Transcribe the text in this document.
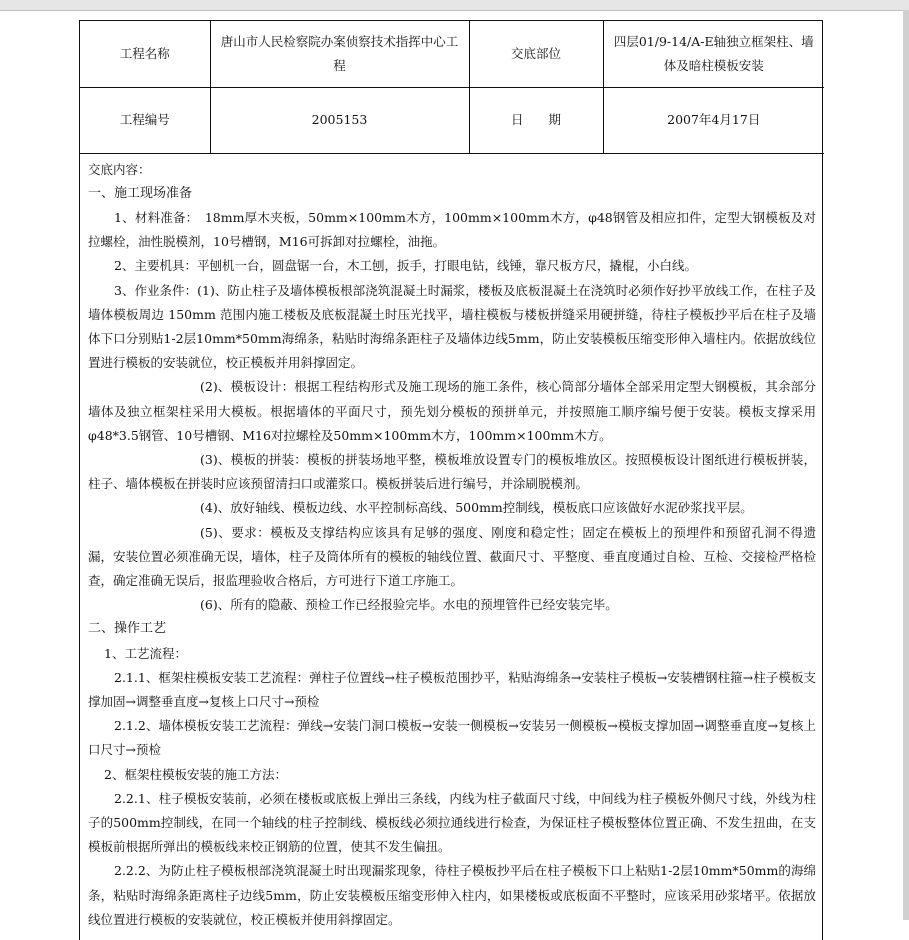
工程名称	唐山市人民检察院办案侦察技术指挥中心工程	交底部位	四层01/9-14/A-E轴独立框架柱、墙体及暗柱模板安装
工程编号	2005153	日　　期	2007年4月17日

交底内容：

一、施工现场准备

1、材料准备：　18mm厚木夹板，50mm×100mm木方，100mm×100mm木方，φ48钢管及相应扣件，定型大钢模板及对拉螺栓，油性脱模剂，10号槽钢，M16可拆卸对拉螺栓，油拖。

2、主要机具：平刨机一台，圆盘锯一台，木工刨，扳手，打眼电钻，线锤，靠尺板方尺，撬棍，小白线。

3、作业条件：(1)、防止柱子及墙体模板根部浇筑混凝土时漏浆，楼板及底板混凝土在浇筑时必须作好抄平放线工作，在柱子及墙体模板周边 150mm 范围内施工楼板及底板混凝土时压光找平，墙柱模板与楼板拼缝采用硬拼缝，待柱子模板抄平后在柱子及墙体下口分别贴1-2层10mm*50mm海绵条，粘贴时海绵条距柱子及墙体边线5mm，防止安装模板压缩变形伸入墙柱内。依据放线位置进行模板的安装就位，校正模板并用斜撑固定。

(2)、模板设计：根据工程结构形式及施工现场的施工条件，核心筒部分墙体全部采用定型大钢模板，其余部分墙体及独立框架柱采用大模板。根据墙体的平面尺寸，预先划分模板的预拼单元，并按照施工顺序编号便于安装。模板支撑采用φ48*3.5钢管、10号槽钢、M16对拉螺栓及50mm×100mm木方，100mm×100mm木方。

(3)、模板的拼装：模板的拼装场地平整，模板堆放设置专门的模板堆放区。按照模板设计图纸进行模板拼装，柱子、墙体模板在拼装时应该预留清扫口或灌浆口。模板拼装后进行编号，并涂刷脱模剂。

(4)、放好轴线、模板边线、水平控制标高线、500mm控制线，模板底口应该做好水泥砂浆找平层。

(5)、要求：模板及支撑结构应该具有足够的强度、刚度和稳定性；固定在模板上的预埋件和预留孔洞不得遗漏，安装位置必须准确无误，墙体，柱子及筒体所有的模板的轴线位置、截面尺寸、平整度、垂直度通过自检、互检、交接检严格检查，确定准确无误后，报监理验收合格后，方可进行下道工序施工。

(6)、所有的隐蔽、预检工作已经报验完毕。水电的预埋管件已经安装完毕。

二、操作工艺

1、工艺流程：

2.1.1、框架柱模板安装工艺流程：弹柱子位置线→柱子模板范围抄平，粘贴海绵条→安装柱子模板→安装槽钢柱箍→柱子模板支撑加固→调整垂直度→复核上口尺寸→预检

2.1.2、墙体模板安装工艺流程：弹线→安装门洞口模板→安装一侧模板→安装另一侧模板→模板支撑加固→调整垂直度→复核上口尺寸→预检

2、框架柱模板安装的施工方法：

2.2.1、柱子模板安装前，必须在楼板或底板上弹出三条线，内线为柱子截面尺寸线，中间线为柱子模板外侧尺寸线，外线为柱子的500mm控制线，在同一个轴线的柱子控制线、模板线必须拉通线进行检查，为保证柱子模板整体位置正确、不发生扭曲，在支模板前根据所弹出的模板线来校正钢筋的位置，使其不发生偏扭。

2.2.2、为防止柱子模板根部浇筑混凝土时出现漏浆现象，待柱子模板抄平后在柱子模板下口上粘贴1-2层10mm*50mm的海绵条，粘贴时海绵条距离柱子边线5mm，防止安装模板压缩变形伸入柱内，如果楼板或底板面不平整时，应该采用砂浆堵平。依据放线位置进行模板的安装就位，校正模板并使用斜撑固定。
